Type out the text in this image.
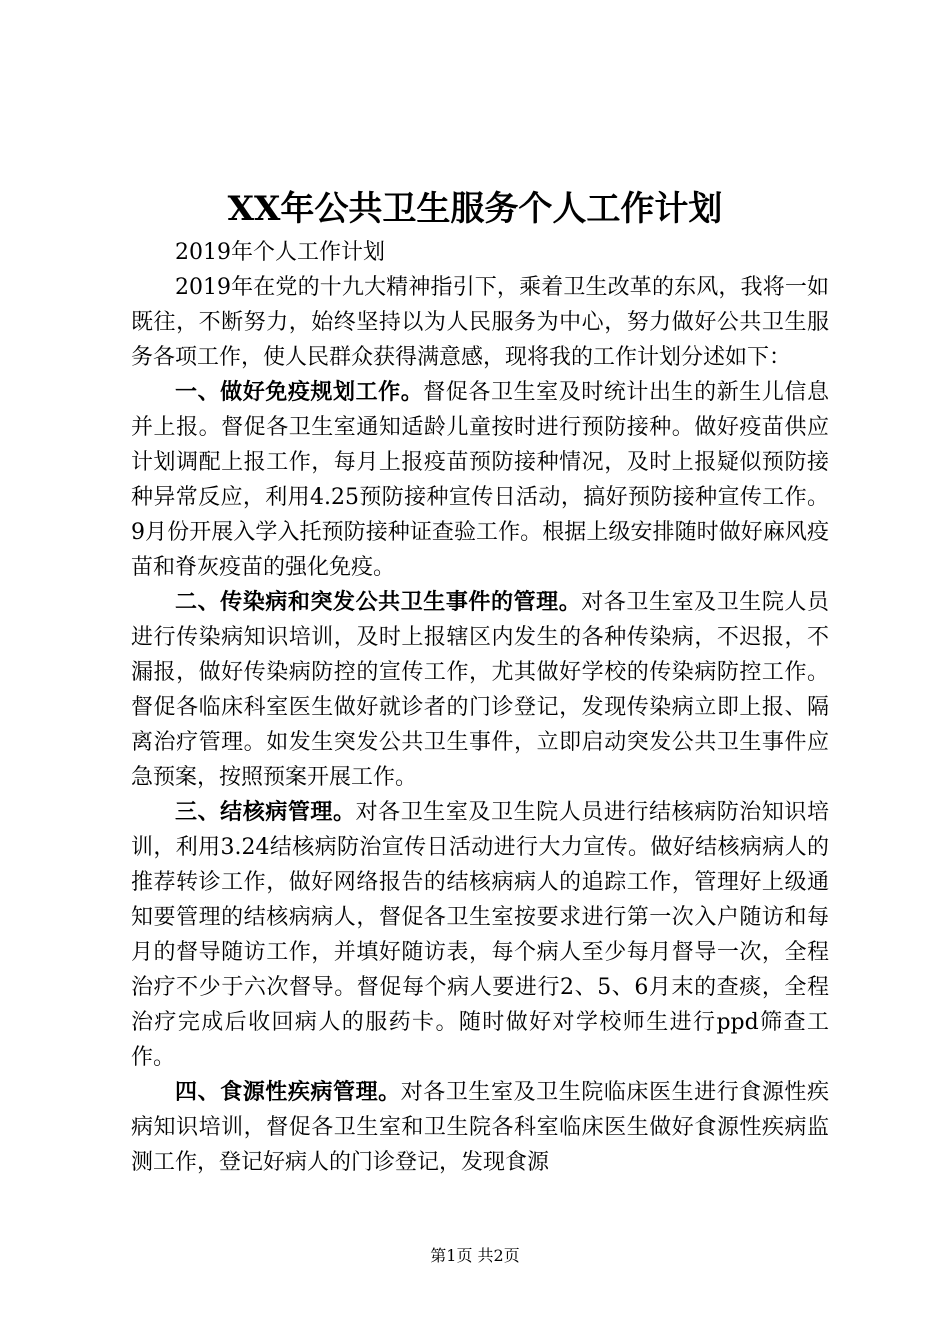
XX年公共卫生服务个人工作计划

2019年个人工作计划

2019年在党的十九大精神指引下，乘着卫生改革的东风，我将一如既往，不断努力，始终坚持以为人民服务为中心，努力做好公共卫生服务各项工作，使人民群众获得满意感，现将我的工作计划分述如下：

一、做好免疫规划工作。督促各卫生室及时统计出生的新生儿信息并上报。督促各卫生室通知适龄儿童按时进行预防接种。做好疫苗供应计划调配上报工作，每月上报疫苗预防接种情况，及时上报疑似预防接种异常反应，利用4.25预防接种宣传日活动，搞好预防接种宣传工作。9月份开展入学入托预防接种证查验工作。根据上级安排随时做好麻风疫苗和脊灰疫苗的强化免疫。

二、传染病和突发公共卫生事件的管理。对各卫生室及卫生院人员进行传染病知识培训，及时上报辖区内发生的各种传染病，不迟报，不漏报，做好传染病防控的宣传工作，尤其做好学校的传染病防控工作。督促各临床科室医生做好就诊者的门诊登记，发现传染病立即上报、隔离治疗管理。如发生突发公共卫生事件，立即启动突发公共卫生事件应急预案，按照预案开展工作。

三、结核病管理。对各卫生室及卫生院人员进行结核病防治知识培训，利用3.24结核病防治宣传日活动进行大力宣传。做好结核病病人的推荐转诊工作，做好网络报告的结核病病人的追踪工作，管理好上级通知要管理的结核病病人，督促各卫生室按要求进行第一次入户随访和每月的督导随访工作，并填好随访表，每个病人至少每月督导一次，全程治疗不少于六次督导。督促每个病人要进行2、5、6月末的查痰，全程治疗完成后收回病人的服药卡。随时做好对学校师生进行ppd筛查工作。

四、食源性疾病管理。对各卫生室及卫生院临床医生进行食源性疾病知识培训，督促各卫生室和卫生院各科室临床医生做好食源性疾病监测工作，登记好病人的门诊登记，发现食源

第1页 共2页
